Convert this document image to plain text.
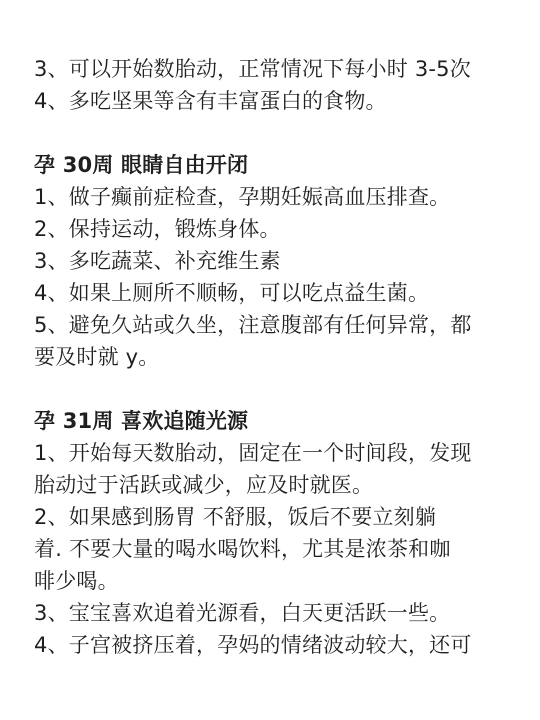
3、可以开始数胎动，正常情况下每小时 3-5次
4、多吃坚果等含有丰富蛋白的食物。
孕 30周 眼睛自由开闭
1、做子癫前症检查，孕期妊娠高血压排查。
2、保持运动，锻炼身体。
3、多吃蔬菜、补充维生素
4、如果上厕所不顺畅，可以吃点益生菌。
5、避免久站或久坐，注意腹部有任何异常，都
要及时就 y。
孕 31周 喜欢追随光源
1、开始每天数胎动，固定在一个时间段，发现
胎动过于活跃或减少，应及时就医。
2、如果感到肠胃 不舒服，饭后不要立刻躺
着. 不要大量的喝水喝饮料，尤其是浓茶和咖
啡少喝。
3、宝宝喜欢追着光源看，白天更活跃一些。
4、子宫被挤压着，孕妈的情绪波动较大，还可
